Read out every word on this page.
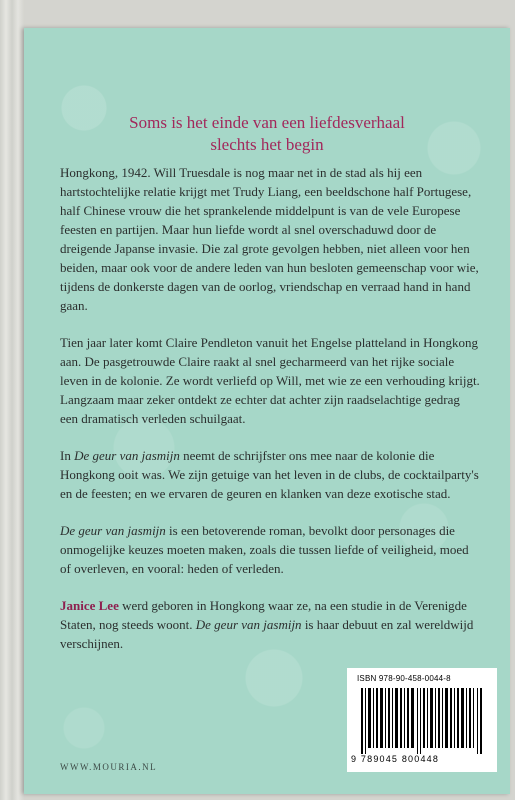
Soms is het einde van een liefdesverhaal
slechts het begin

Hongkong, 1942. Will Truesdale is nog maar net in de stad als hij een hartstochtelijke relatie krijgt met Trudy Liang, een beeldschone half Portugese, half Chinese vrouw die het sprankelende middelpunt is van de vele Europese feesten en partijen. Maar hun liefde wordt al snel overschaduwd door de dreigende Japanse invasie. Die zal grote gevolgen hebben, niet alleen voor hen beiden, maar ook voor de andere leden van hun besloten gemeenschap voor wie, tijdens de donkerste dagen van de oorlog, vriendschap en verraad hand in hand gaan.

Tien jaar later komt Claire Pendleton vanuit het Engelse platteland in Hongkong aan. De pasgetrouwde Claire raakt al snel gecharmeerd van het rijke sociale leven in de kolonie. Ze wordt verliefd op Will, met wie ze een verhouding krijgt. Langzaam maar zeker ontdekt ze echter dat achter zijn raadselachtige gedrag een dramatisch verleden schuilgaat.

In De geur van jasmijn neemt de schrijfster ons mee naar de kolonie die Hongkong ooit was. We zijn getuige van het leven in de clubs, de cocktailparty's en de feesten; en we ervaren de geuren en klanken van deze exotische stad.

De geur van jasmijn is een betoverende roman, bevolkt door personages die onmogelijke keuzes moeten maken, zoals die tussen liefde of veiligheid, moed of overleven, en vooral: heden of verleden.

Janice Lee werd geboren in Hongkong waar ze, na een studie in de Verenigde Staten, nog steeds woont. De geur van jasmijn is haar debuut en zal wereldwijd verschijnen.

WWW.MOURIA.NL
ISBN 978-90-458-0044-8
9 789045 800448
